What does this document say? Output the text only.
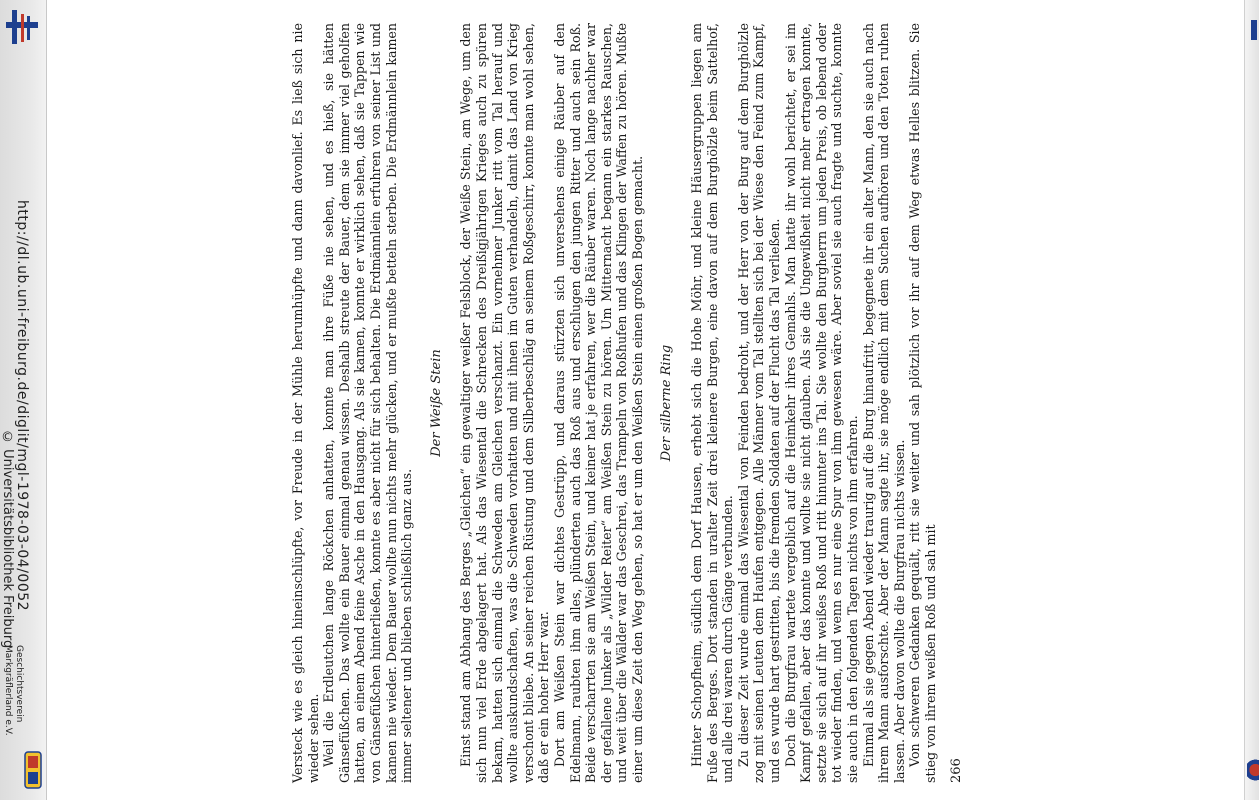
http://dl.ub.uni-freiburg.de/diglit/mgl-1978-03-04/0052
© Universitätsbibliothek Freiburg
Geschichtsverein
Markgräflerland e.V.	Versteck wie es gleich hineinschlüpfte, vor Freude in der Mühle herumhüpfte und dann davonlief. Es ließ sich nie wieder sehen. Weil die Erdleutchen lange Röckchen anhatten, konnte man ihre Füße nie sehen, und es hieß, sie hätten Gänsefüßchen. Das wollte ein Bauer einmal genau wissen. Deshalb streute der Bauer, dem sie immer viel geholfen hatten, an einem Abend feine Asche in den Hausgang. Als sie kamen, konnte er wirklich sehen, daß sie Tappen wie von Gänsefüßchen hinterließen, konnte es aber nicht für sich behalten. Die Erdmännlein erfuhren von seiner List und kamen nie wieder. Dem Bauer wollte nun nichts mehr glücken, und er mußte betteln sterben. Die Erdmännlein kamen immer seltener und blieben schließlich ganz aus.

Der Weiße Stein Einst stand am Abhang des Berges „Gleichen“ ein gewaltiger weißer Felsblock, der Weiße Stein, am Wege, um den sich nun viel Erde abgelagert hat. Als das Wiesental die Schrecken des Dreißigjährigen Krieges auch zu spüren bekam, hatten sich einmal die Schweden am Gleichen verschanzt. Ein vornehmer Junker ritt vom Tal herauf und wollte auskundschaften, was die Schweden vorhatten und mit ihnen im Guten verhandeln, damit das Land von Krieg verschont bliebe. An seiner reichen Rüstung und dem Silberbeschläg an seinem Roßgeschirr, konnte man wohl sehen, daß er ein hoher Herr war. Dort am Weißen Stein war dichtes Gestrüpp, und daraus stürzten sich unversehens einige Räuber auf den Edelmann, raubten ihm alles, plünderten auch das Roß aus und erschlugen den jungen Ritter und auch sein Roß. Beide verscharrten sie am Weißen Stein, und keiner hat je erfahren, wer die Räuber waren. Noch lange nachher war der gefallene Junker als „Wilder Reiter“ am Weißen Stein zu hören. Um Mitternacht begann ein starkes Rauschen, und weit über die Wälder war das Geschrei, das Trampeln von Roßhufen und das Klingen der Waffen zu hören. Mußte einer um diese Zeit den Weg gehen, so hat er um den Weißen Stein einen großen Bogen gemacht. Der silberne Ring Hinter Schopfheim, südlich dem Dorf Hausen, erhebt sich die Hohe Möhr, und kleine Häusergruppen liegen am Fuße des Berges. Dort standen in uralter Zeit drei kleinere Burgen, eine davon auf dem Burghölzle beim Sattelhof, und alle drei waren durch Gänge verbunden. Zu dieser Zeit wurde einmal das Wiesental von Feinden bedroht, und der Herr von der Burg auf dem Burghölzle zog mit seinen Leuten dem Haufen entgegen. Alle Männer vom Tal stellten sich bei der Wiese den Feind zum Kampf, und es wurde hart gestritten, bis die fremden Soldaten auf der Flucht das Tal verließen. Doch die Burgfrau wartete vergeblich auf die Heimkehr ihres Gemahls. Man hatte ihr wohl berichtet, er sei im Kampf gefallen, aber das konnte und wollte sie nicht glauben. Als sie die Ungewißheit nicht mehr ertragen konnte, setzte sie sich auf ihr weißes Roß und ritt hinunter ins Tal. Sie wollte den Burgherrn um jeden Preis, ob lebend oder tot wieder finden, und wenn es nur eine Spur von ihm gewesen wäre. Aber soviel sie auch fragte und suchte, konnte sie auch in den folgenden Tagen nichts von ihm erfahren. Einmal als sie gegen Abend wieder traurig auf die Burg hinaufritt, begegnete ihr ein alter Mann, den sie auch nach ihrem Mann ausforschte. Aber der Mann sagte ihr, sie möge endlich mit dem Suchen aufhören und den Toten ruhen lassen. Aber davon wollte die Burgfrau nichts wissen. Von schweren Gedanken gequält, ritt sie weiter und sah plötzlich vor ihr auf dem Weg etwas Helles blitzen. Sie stieg von ihrem weißen Roß und sah mit 266
